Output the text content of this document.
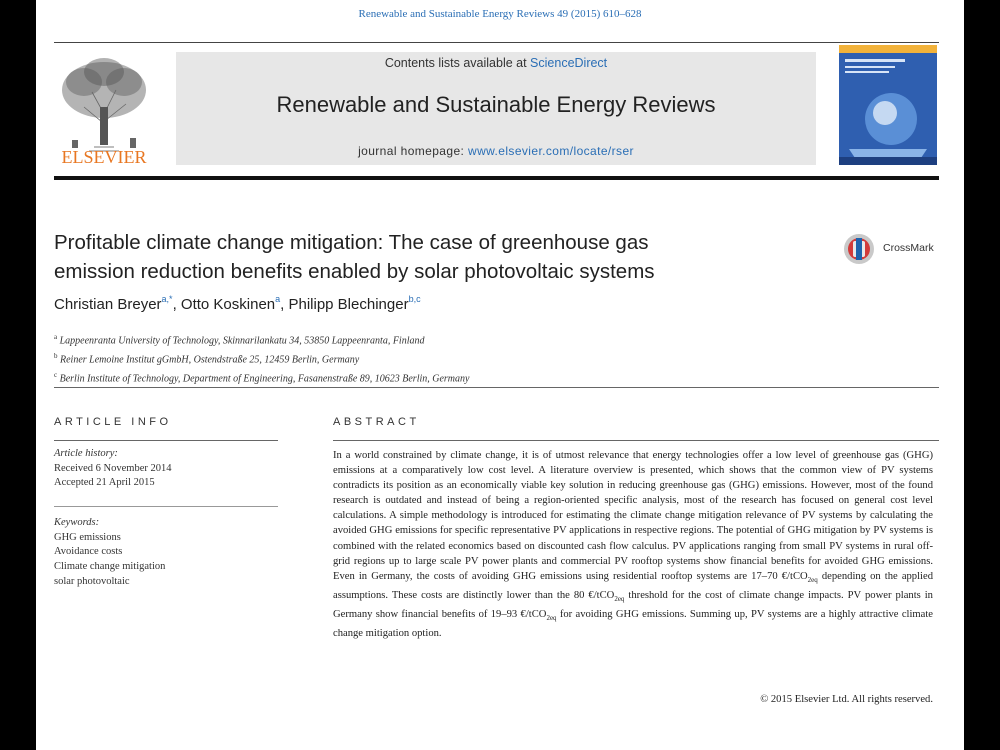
Renewable and Sustainable Energy Reviews 49 (2015) 610–628
ELSEVIER
Contents lists available at ScienceDirect
Renewable and Sustainable Energy Reviews
journal homepage: www.elsevier.com/locate/rser
Profitable climate change mitigation: The case of greenhouse gas
emission reduction benefits enabled by solar photovoltaic systems
CrossMark
Christian Breyer$^{a,*}$, Otto Koskinen$^a$, Philipp Blechinger$^{b,c}$
$^a$ Lappeenranta University of Technology, Skinnarilankatu 34, 53850 Lappeenranta, Finland
$^b$ Reiner Lemoine Institut gGmbH, Ostendstraße 25, 12459 Berlin, Germany
$^c$ Berlin Institute of Technology, Department of Engineering, Fasanenstraße 89, 10623 Berlin, Germany
ARTICLE INFO	ABSTRACT
Article history:
Received 6 November 2014
Accepted 21 April 2015
Keywords:
GHG emissions
Avoidance costs
Climate change mitigation
solar photovoltaic
In a world constrained by climate change, it is of utmost relevance that energy technologies offer a low level of greenhouse gas (GHG) emissions at a comparatively low cost level. A literature overview is presented, which shows that the common view of PV systems contradicts its position as an economically viable key solution in reducing greenhouse gas (GHG) emissions. However, most of the found research is outdated and instead of being a region-oriented specific analysis, most of the research has focused on general cost level calculations. A simple methodology is introduced for estimating the climate change mitigation relevance of PV systems by calculating the avoided GHG emissions for specific representative PV applications in respective regions. The potential of GHG mitigation by PV systems is combined with the related economics based on discounted cash flow calculus. PV applications ranging from small PV systems in rural off-grid regions up to large scale PV power plants and commercial PV rooftop systems show financial benefits for avoided GHG emissions. Even in Germany, the costs of avoiding GHG emissions using residential rooftop systems are 17–70 €/tCO$_{2eq}$ depending on the applied assumptions. These costs are distinctly lower than the 80 €/tCO$_{2eq}$ threshold for the cost of climate change impacts. PV power plants in Germany show financial benefits of 19–93 €/tCO$_{2eq}$ for avoiding GHG emissions. Summing up, PV systems are a highly attractive climate change mitigation option.
© 2015 Elsevier Ltd. All rights reserved.
